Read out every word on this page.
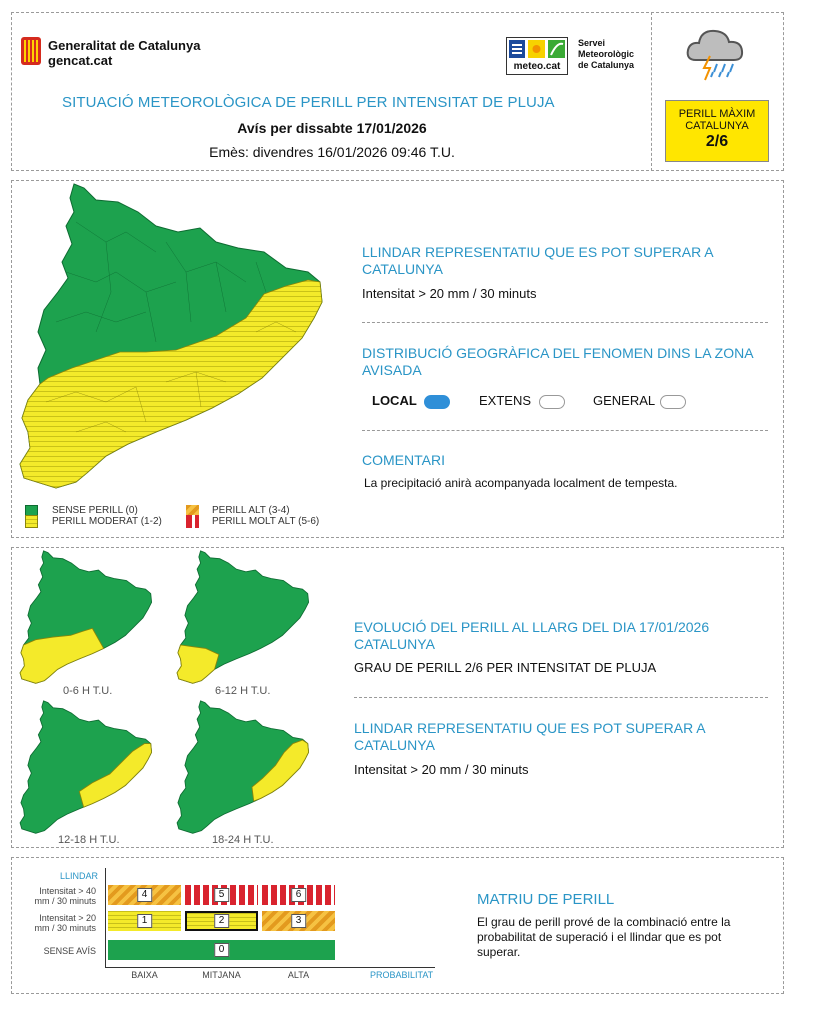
Generalitat de Catalunya
gencat.cat	meteo.cat
Servei
Meteorològic
de Catalunya
SITUACIÓ METEOROLÒGICA DE PERILL PER INTENSITAT DE PLUJA
Avís per dissabte 17/01/2026
Emès: divendres 16/01/2026 09:46 T.U.
PERILL MÀXIM
CATALUNYA
2/6
SENSE PERILL (0)
PERILL MODERAT (1-2)
PERILL ALT (3-4)
PERILL MOLT ALT (5-6)
LLINDAR REPRESENTATIU QUE ES POT SUPERAR A CATALUNYA
Intensitat > 20 mm / 30 minuts
DISTRIBUCIÓ GEOGRÀFICA DEL FENOMEN DINS LA ZONA AVISADA
LOCAL	EXTENS	GENERAL
COMENTARI
La precipitació anirà acompanyada localment de tempesta.
0-6 H T.U.	6-12 H T.U.
12-18 H T.U.	18-24 H T.U.
EVOLUCIÓ DEL PERILL AL LLARG DEL DIA 17/01/2026 CATALUNYA
GRAU DE PERILL 2/6 PER INTENSITAT DE PLUJA
LLINDAR REPRESENTATIU QUE ES POT SUPERAR A CATALUNYA
Intensitat > 20 mm / 30 minuts
LLINDAR
Intensitat > 40
mm / 30 minuts
Intensitat > 20
mm / 30 minuts
SENSE AVÍS
4	5	6
1	2	3
0
BAIXA	MITJANA	ALTA	PROBABILITAT
MATRIU DE PERILL
El grau de perill prové de la combinació entre la probabilitat de superació i el llindar que es pot superar.
